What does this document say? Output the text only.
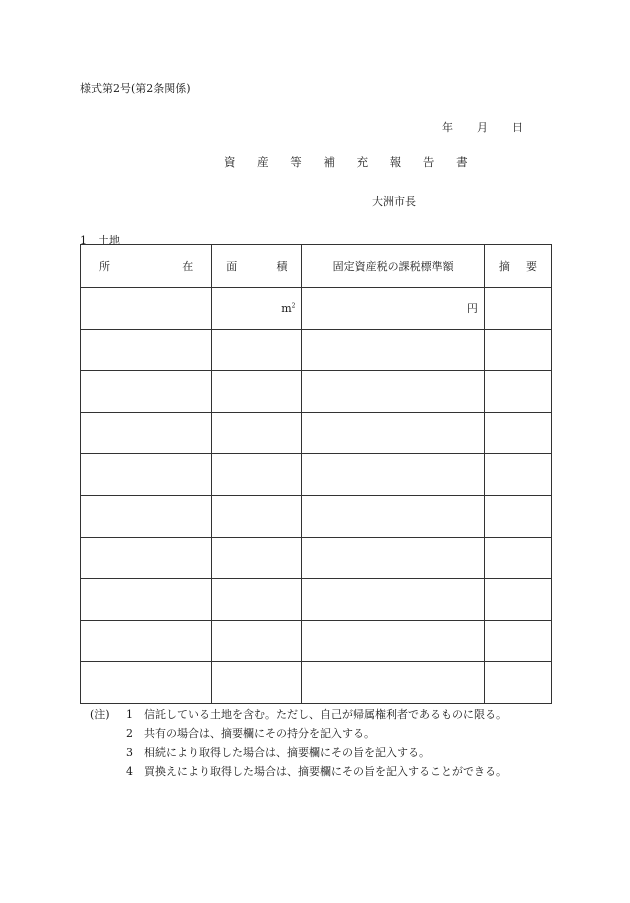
様式第2号(第2条関係)
年 月 日
資 産 等 補 充 報 告 書
大洲市長
1　土地
所 在	面 積	固定資産税の課税標準額	摘 要

	$m^2$	円	

(注)	1	信託している土地を含む。ただし、自己が帰属権利者であるものに限る。
2	共有の場合は、摘要欄にその持分を記入する。
3	相続により取得した場合は、摘要欄にその旨を記入する。
4	買換えにより取得した場合は、摘要欄にその旨を記入することができる。
